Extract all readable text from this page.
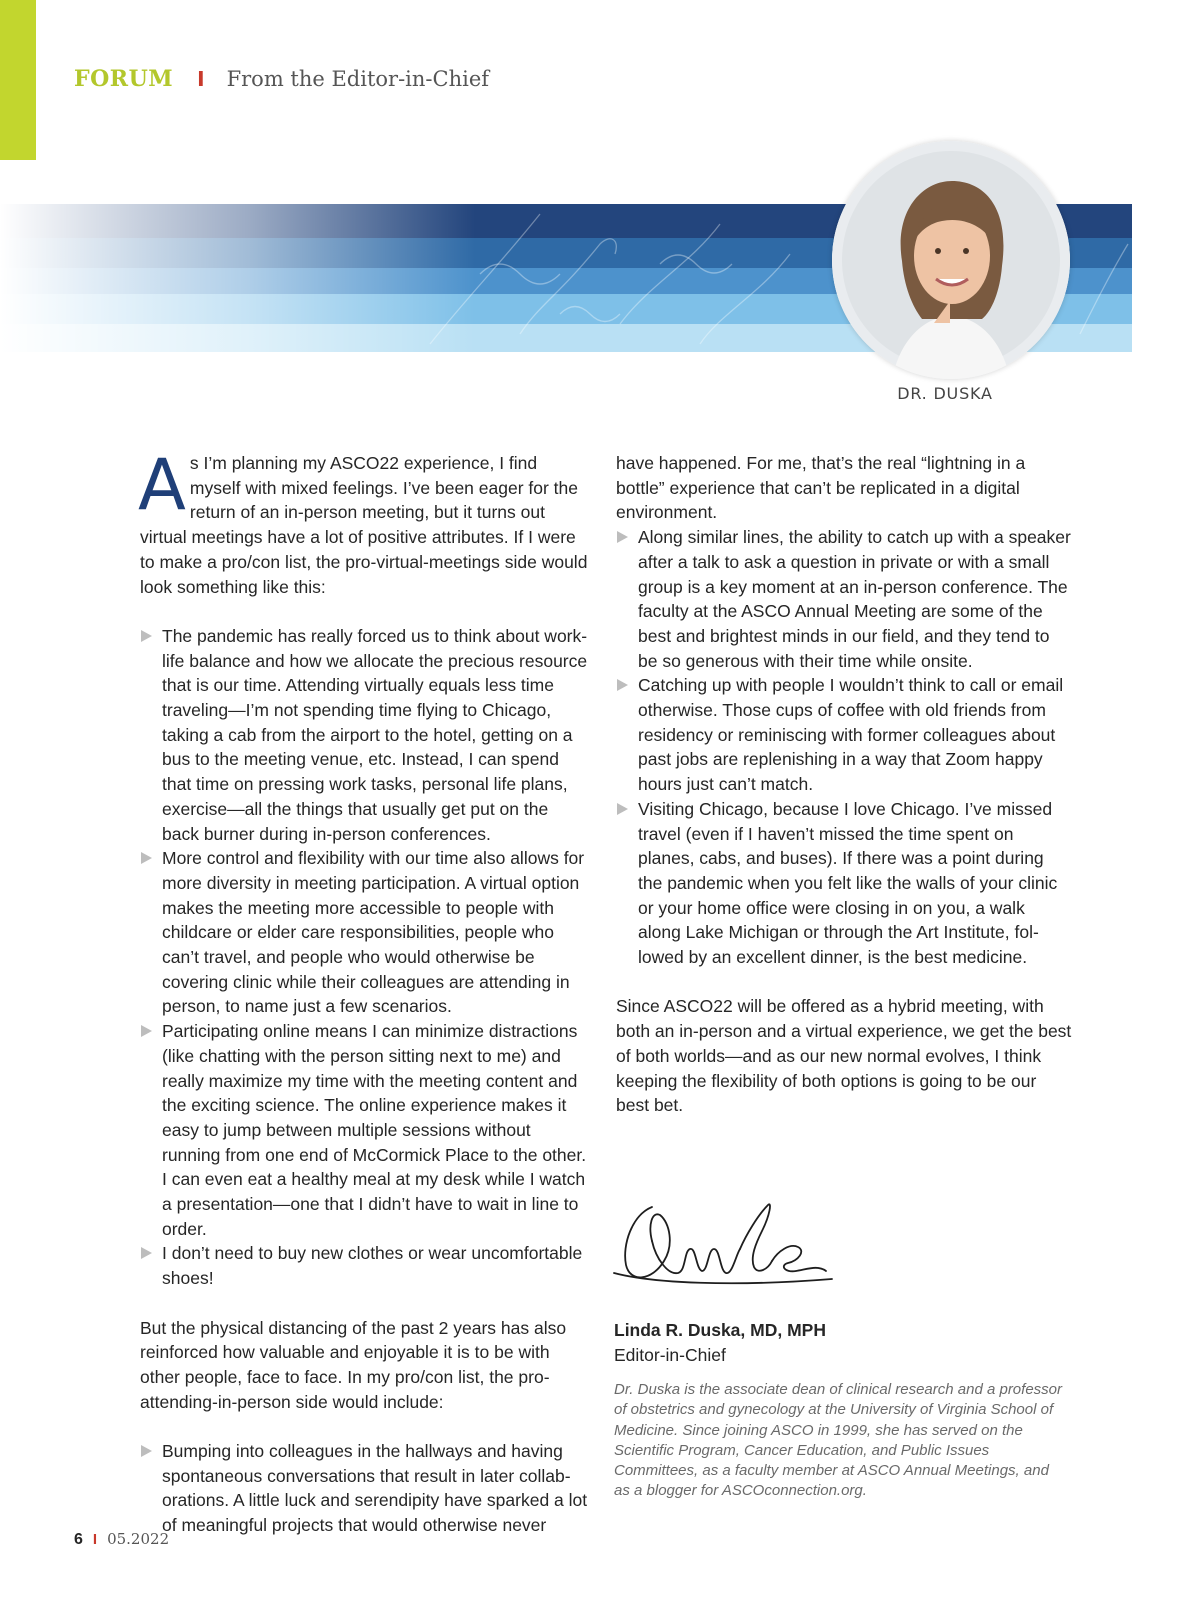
FORUM I From the Editor-in-Chief
DR. DUSKA

As I’m planning my ASCO22 experience, I find myself with mixed feelings. I’ve been eager for the return of an in-person meeting, but it turns out virtual meetings have a lot of positive attributes. If I were to make a pro/con list, the pro-virtual-meetings side would look something like this:

The pandemic has really forced us to think about work-life balance and how we allocate the precious resource that is our time. Attending virtually equals less time traveling—I’m not spending time flying to Chicago, taking a cab from the airport to the hotel, getting on a bus to the meeting venue, etc. Instead, I can spend that time on pressing work tasks, personal life plans, exercise—all the things that usually get put on the back burner during in-person conferences.
More control and flexibility with our time also allows for more diversity in meeting participation. A virtual option makes the meeting more accessible to people with childcare or elder care responsibilities, people who can’t travel, and people who would otherwise be covering clinic while their colleagues are attending in person, to name just a few scenarios.
Participating online means I can minimize distractions (like chatting with the person sitting next to me) and really maximize my time with the meeting content and the exciting science. The online experience makes it easy to jump between multiple sessions without running from one end of McCormick Place to the other. I can even eat a healthy meal at my desk while I watch a presentation—one that I didn’t have to wait in line to order.
I don’t need to buy new clothes or wear uncomfortable shoes!

But the physical distancing of the past 2 years has also reinforced how valuable and enjoyable it is to be with other people, face to face. In my pro/con list, the pro-attending-in-person side would include:

Bumping into colleagues in the hallways and having spontaneous conversations that result in later collaborations. A little luck and serendipity have sparked a lot of meaningful projects that would otherwise never

have happened. For me, that’s the real “lightning in a bottle” experience that can’t be replicated in a digital environment.

Along similar lines, the ability to catch up with a speaker after a talk to ask a question in private or with a small group is a key moment at an in-person conference. The faculty at the ASCO Annual Meeting are some of the best and brightest minds in our field, and they tend to be so generous with their time while onsite.
Catching up with people I wouldn’t think to call or email otherwise. Those cups of coffee with old friends from residency or reminiscing with former colleagues about past jobs are replenishing in a way that Zoom happy hours just can’t match.
Visiting Chicago, because I love Chicago. I’ve missed travel (even if I haven’t missed the time spent on planes, cabs, and buses). If there was a point during the pandemic when you felt like the walls of your clinic or your home office were closing in on you, a walk along Lake Michigan or through the Art Institute, followed by an excellent dinner, is the best medicine.

Since ASCO22 will be offered as a hybrid meeting, with both an in-person and a virtual experience, we get the best of both worlds—and as our new normal evolves, I think keeping the flexibility of both options is going to be our best bet.

Linda R. Duska, MD, MPH
Editor-in-Chief
Dr. Duska is the associate dean of clinical research and a professor of obstetrics and gynecology at the University of Virginia School of Medicine. Since joining ASCO in 1999, she has served on the Scientific Program, Cancer Education, and Public Issues Committees, as a faculty member at ASCO Annual Meetings, and as a blogger for ASCOconnection.org.
6 I 05.2022
